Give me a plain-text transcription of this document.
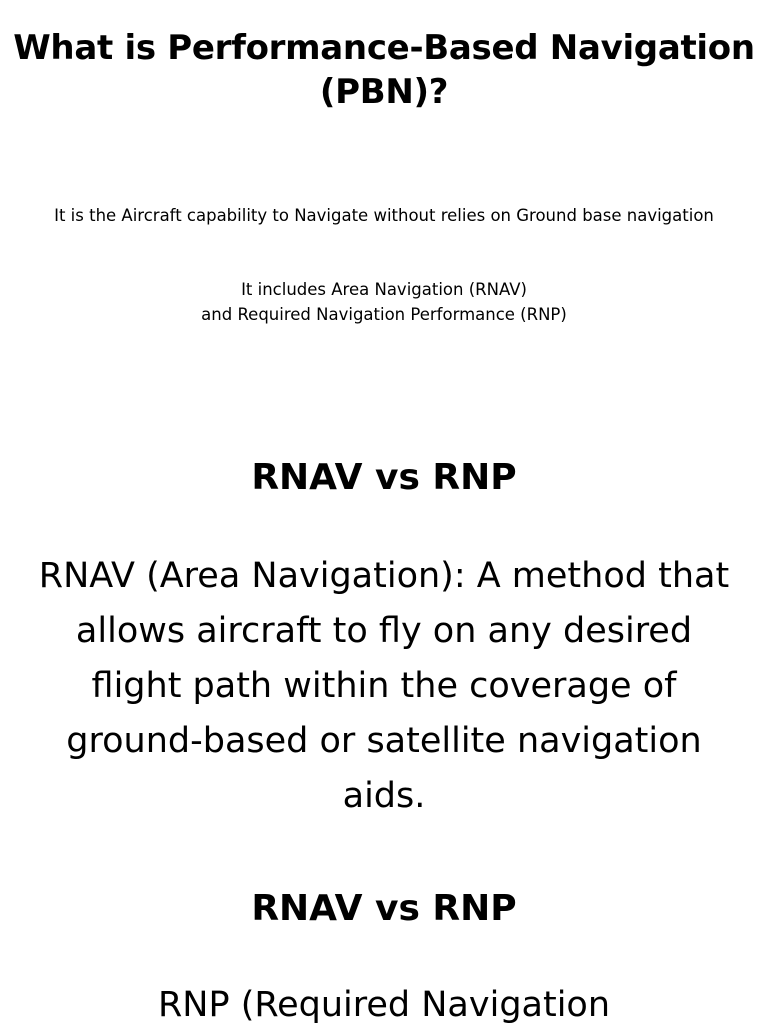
What is Performance-Based Navigation
(PBN)?

It is the Aircraft capability to Navigate without relies on Ground base navigation

It includes Area Navigation (RNAV)

and Required Navigation Performance (RNP)

RNAV vs RNP
RNAV (Area Navigation): A method that
allows aircraft to fly on any desired
flight path within the coverage of
ground-based or satellite navigation
aids.
RNAV vs RNP
RNP (Required Navigation
